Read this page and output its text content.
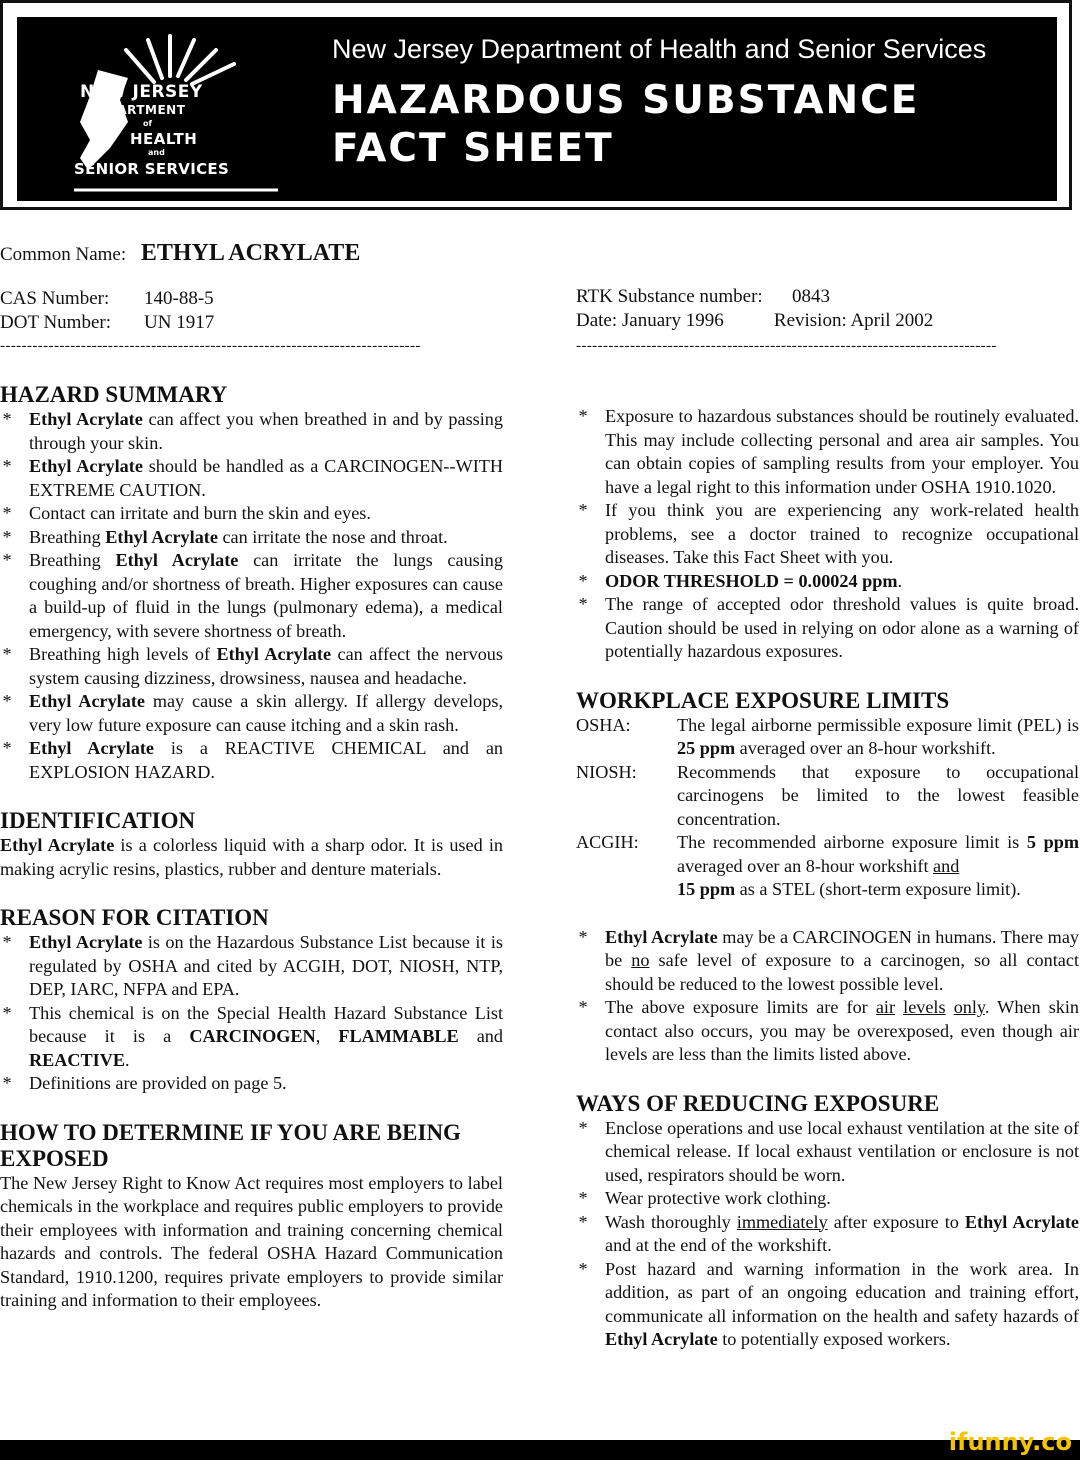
NEW JERSEY
DEPARTMENT
of
HEALTH
and
SENIOR SERVICES
New Jersey Department of Health and Senior Services
HAZARDOUS SUBSTANCE
FACT SHEET
Common Name: ETHYL ACRYLATE
CAS Number: 140-88-5
DOT Number: UN 1917
RTK Substance number: 0843
Date: January 1996	Revision: April 2002
------------------------------------------------------------------------------	------------------------------------------------------------------------------
HAZARD SUMMARY
* Ethyl Acrylate can affect you when breathed in and by passing through your skin.
* Ethyl Acrylate should be handled as a CARCINOGEN--WITH EXTREME CAUTION.
* Contact can irritate and burn the skin and eyes.
* Breathing Ethyl Acrylate can irritate the nose and throat.
* Breathing Ethyl Acrylate can irritate the lungs causing coughing and/or shortness of breath. Higher exposures can cause a build-up of fluid in the lungs (pulmonary edema), a medical emergency, with severe shortness of breath.
* Breathing high levels of Ethyl Acrylate can affect the nervous system causing dizziness, drowsiness, nausea and headache.
* Ethyl Acrylate may cause a skin allergy. If allergy develops, very low future exposure can cause itching and a skin rash.
* Ethyl Acrylate is a REACTIVE CHEMICAL and an EXPLOSION HAZARD.
IDENTIFICATION

Ethyl Acrylate is a colorless liquid with a sharp odor. It is used in making acrylic resins, plastics, rubber and denture materials.

REASON FOR CITATION
* Ethyl Acrylate is on the Hazardous Substance List because it is regulated by OSHA and cited by ACGIH, DOT, NIOSH, NTP, DEP, IARC, NFPA and EPA.
* This chemical is on the Special Health Hazard Substance List because it is a CARCINOGEN, FLAMMABLE and REACTIVE.
* Definitions are provided on page 5.
HOW TO DETERMINE IF YOU ARE BEING EXPOSED

The New Jersey Right to Know Act requires most employers to label chemicals in the workplace and requires public employers to provide their employees with information and training concerning chemical hazards and controls. The federal OSHA Hazard Communication Standard, 1910.1200, requires private employers to provide similar training and information to their employees.

* Exposure to hazardous substances should be routinely evaluated. This may include collecting personal and area air samples. You can obtain copies of sampling results from your employer. You have a legal right to this information under OSHA 1910.1020.
* If you think you are experiencing any work-related health problems, see a doctor trained to recognize occupational diseases. Take this Fact Sheet with you.
* ODOR THRESHOLD = 0.00024 ppm.
* The range of accepted odor threshold values is quite broad. Caution should be used in relying on odor alone as a warning of potentially hazardous exposures.
WORKPLACE EXPOSURE LIMITS
OSHA:	The legal airborne permissible exposure limit (PEL) is 25 ppm averaged over an 8-hour workshift.
NIOSH:	Recommends that exposure to occupational carcinogens be limited to the lowest feasible concentration.
ACGIH:	The recommended airborne exposure limit is 5 ppm averaged over an 8-hour workshift and
15 ppm as a STEL (short-term exposure limit).
* Ethyl Acrylate may be a CARCINOGEN in humans. There may be no safe level of exposure to a carcinogen, so all contact should be reduced to the lowest possible level.
* The above exposure limits are for air levels only. When skin contact also occurs, you may be overexposed, even though air levels are less than the limits listed above.
WAYS OF REDUCING EXPOSURE
* Enclose operations and use local exhaust ventilation at the site of chemical release. If local exhaust ventilation or enclosure is not used, respirators should be worn.
* Wear protective work clothing.
* Wash thoroughly immediately after exposure to Ethyl Acrylate and at the end of the workshift.
* Post hazard and warning information in the work area. In addition, as part of an ongoing education and training effort, communicate all information on the health and safety hazards of Ethyl Acrylate to potentially exposed workers.
ifunny.co
